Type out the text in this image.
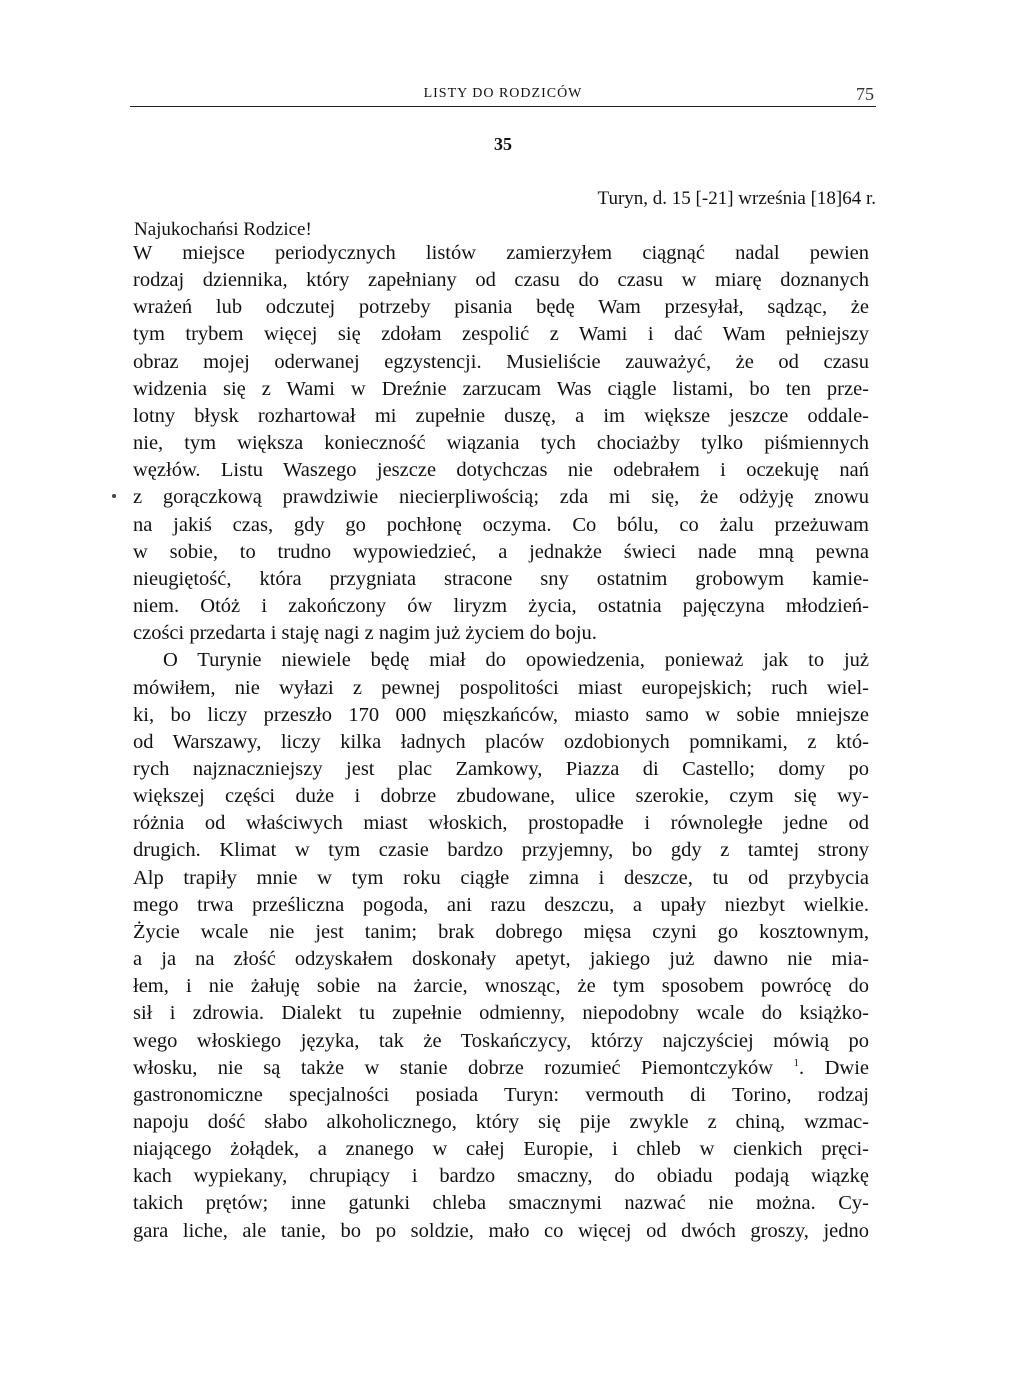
LISTY DO RODZICÓW	75
35
Turyn, d. 15 [-21] września [18]64 r.
Najukochańsi Rodzice!

W miejsce periodycznych listów zamierzyłem ciągnąć nadal pewien
rodzaj dziennika, który zapełniany od czasu do czasu w miarę doznanych
wrażeń lub odczutej potrzeby pisania będę Wam przesyłał, sądząc, że
tym trybem więcej się zdołam zespolić z Wami i dać Wam pełniejszy
obraz mojej oderwanej egzystencji. Musieliście zauważyć, że od czasu
widzenia się z Wami w Dreźnie zarzucam Was ciągle listami, bo ten prze-
lotny błysk rozhartował mi zupełnie duszę, a im większe jeszcze oddale-
nie, tym większa konieczność wiązania tych chociażby tylko piśmiennych
węzłów. Listu Waszego jeszcze dotychczas nie odebrałem i oczekuję nań
z gorączkową prawdziwie niecierpliwością; zda mi się, że odżyję znowu
na jakiś czas, gdy go pochłonę oczyma. Co bólu, co żalu przeżuwam
w sobie, to trudno wypowiedzieć, a jednakże świeci nade mną pewna
nieugiętość, która przygniata stracone sny ostatnim grobowym kamie-
niem. Otóż i zakończony ów liryzm życia, ostatnia pajęczyna młodzień-
czości przedarta i staję nagi z nagim już życiem do boju.

O Turynie niewiele będę miał do opowiedzenia, ponieważ jak to już
mówiłem, nie wyłazi z pewnej pospolitości miast europejskich; ruch wiel-
ki, bo liczy przeszło 170 000 mięszkańców, miasto samo w sobie mniejsze
od Warszawy, liczy kilka ładnych placów ozdobionych pomnikami, z któ-
rych najznaczniejszy jest plac Zamkowy, Piazza di Castello; domy po
większej części duże i dobrze zbudowane, ulice szerokie, czym się wy-
różnia od właściwych miast włoskich, prostopadłe i równoległe jedne od
drugich. Klimat w tym czasie bardzo przyjemny, bo gdy z tamtej strony
Alp trapiły mnie w tym roku ciągłe zimna i deszcze, tu od przybycia
mego trwa prześliczna pogoda, ani razu deszczu, a upały niezbyt wielkie.
Życie wcale nie jest tanim; brak dobrego mięsa czyni go kosztownym,
a ja na złość odzyskałem doskonały apetyt, jakiego już dawno nie mia-
łem, i nie żałuję sobie na żarcie, wnosząc, że tym sposobem powrócę do
sił i zdrowia. Dialekt tu zupełnie odmienny, niepodobny wcale do książko-
wego włoskiego języka, tak że Toskańczycy, którzy najczyściej mówią po
włosku, nie są także w stanie dobrze rozumieć Piemontczyków $^1$. Dwie
gastronomiczne specjalności posiada Turyn: vermouth di Torino, rodzaj
napoju dość słabo alkoholicznego, który się pije zwykle z chiną, wzmac-
niającego żołądek, a znanego w całej Europie, i chleb w cienkich pręci-
kach wypiekany, chrupiący i bardzo smaczny, do obiadu podają wiązkę
takich prętów; inne gatunki chleba smacznymi nazwać nie można. Cy-
gara liche, ale tanie, bo po soldzie, mało co więcej od dwóch groszy, jedno
